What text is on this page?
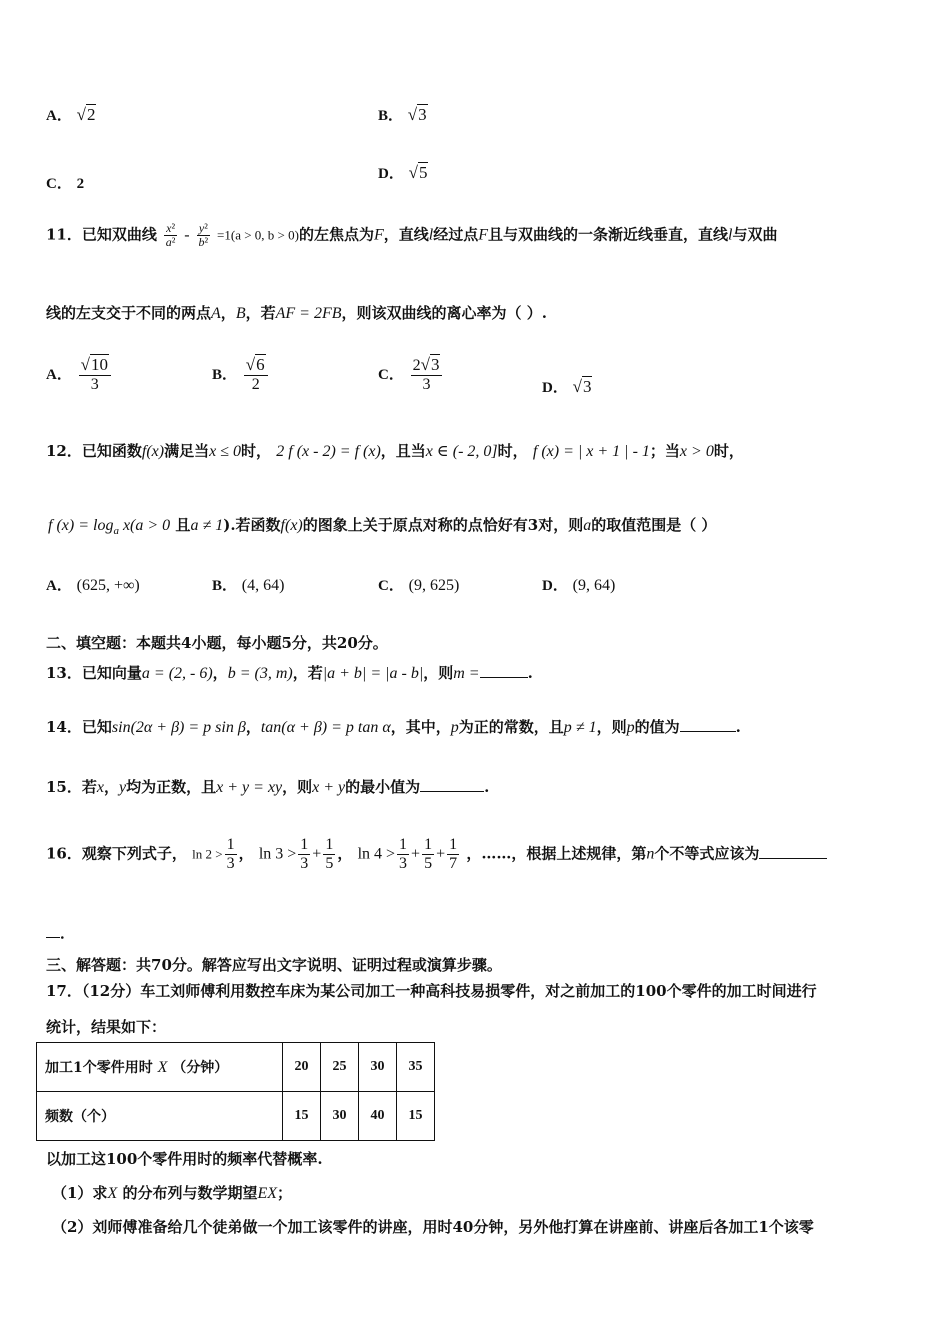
A． √2	B． √3
C． 2
D． √5
11．已知双曲线 $\frac{\text{x²}}{\text{a²}} - \frac{\text{y²}}{\text{b²}} =1(a > 0$, b > 0)的左焦点为F，直线l经过点F且与双曲线的一条渐近线垂直，直线l与双曲
线的左支交于不同的两点A，B，若AF = 2FB，则该双曲线的离心率为（ ）.
A． $\frac{√10}{3}$	B． $\frac{√6}{2}$	C． $\frac{2√3}{3}$	D． √3
12．已知函数f(x)满足当x ≤ 0时， 2 f (x - 2) = f (x)，且当x ∈ (- 2, 0]时， f (x) = | x + 1 | - 1；当x > 0时，
f $(x) = \log_a x(a > 0$ 且a ≠ 1).若函数f(x)的图象上关于原点对称的点恰好有3对，则a的取值范围是（ ）
A． (625, +∞)	B． (4, 64)	C． (9, 625)	D． (9, 64)
二、填空题：本题共4小题，每小题5分，共20分。
13．已知向量a = (2, - 6)，b = (3, m)，若|a + b| = |a - b|，则m =	.
14．已知sin(2α + β) = p sin β，tan(α + β) = p tan α，其中，p为正的常数，且p ≠ 1，则p的值为	.
15．若x，y均为正数，且x + y = xy，则x + y的最小值为	.
16．观察下列式子， $\ln 2 > \frac{1}{3}$ ， $\ln 3 > \frac{1}{3} + \frac{1}{5}$ ， $\ln 4 > \frac{1}{3} + \frac{1}{5} + \frac{1}{7}$ ，……，根据上述规律，第n个不等式应该为
．
三、解答题：共70分。解答应写出文字说明、证明过程或演算步骤。
17．（12分）车工刘师傅利用数控车床为某公司加工一种高科技易损零件，对之前加工的100个零件的加工时间进行
统计，结果如下：
加工1个零件用时 X （分钟）	20	25	30	35
频数（个）	15	30	40	15
以加工这100个零件用时的频率代替概率.
（1）求X 的分布列与数学期望EX；
（2）刘师傅准备给几个徒弟做一个加工该零件的讲座，用时40分钟，另外他打算在讲座前、讲座后各加工1个该零
